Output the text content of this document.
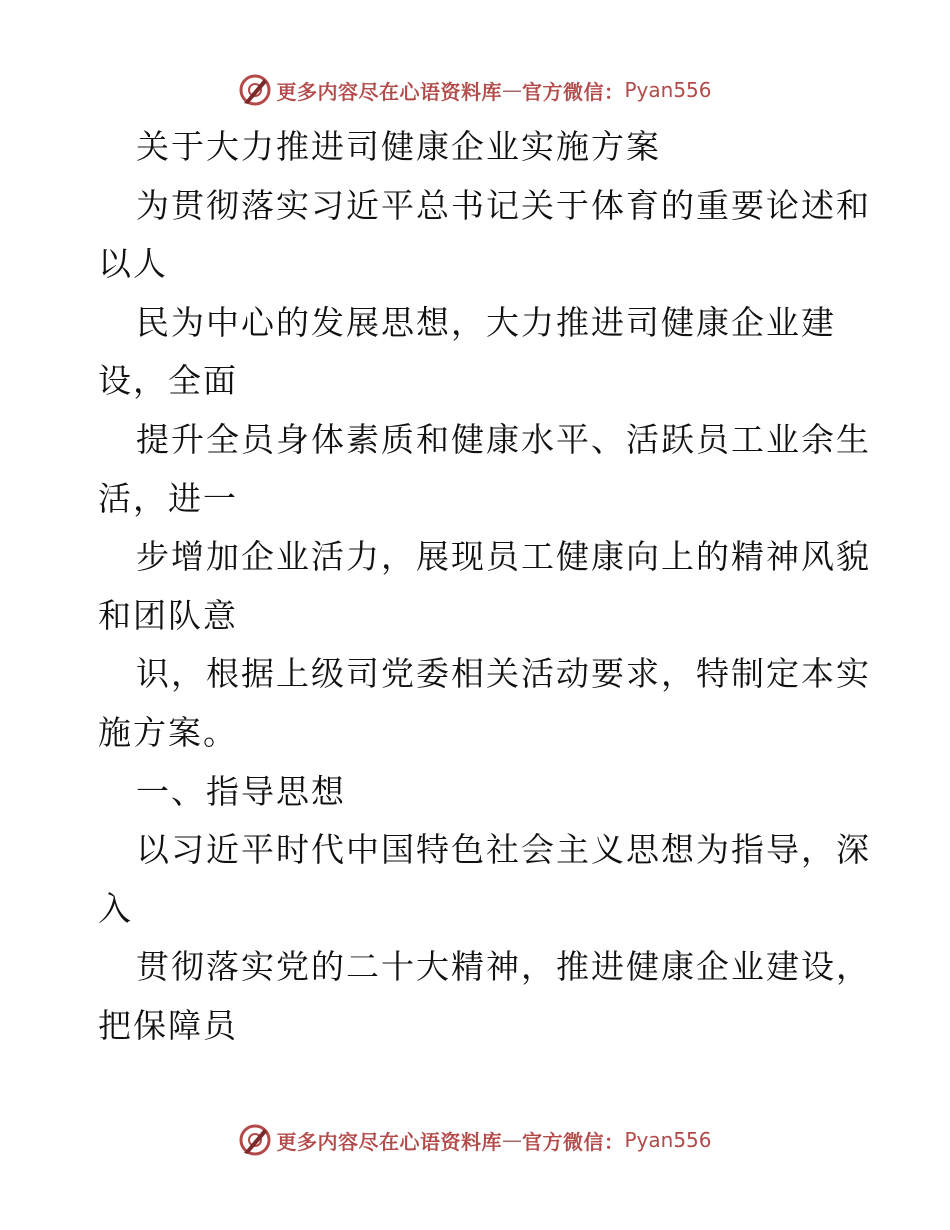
更多内容尽在心语资料库 — 官方微信： Pyan556
关于大力推进司健康企业实施方案
为贯彻落实习近平总书记关于体育的重要论述和
以人
民为中心的发展思想，大力推进司健康企业建
设，全面
提升全员身体素质和健康水平、活跃员工业余生
活，进一
步增加企业活力，展现员工健康向上的精神风貌
和团队意
识，根据上级司党委相关活动要求，特制定本实
施方案。
一、指导思想
以习近平时代中国特色社会主义思想为指导，深
入
贯彻落实党的二十大精神，推进健康企业建设，
把保障员
更多内容尽在心语资料库 — 官方微信： Pyan556
